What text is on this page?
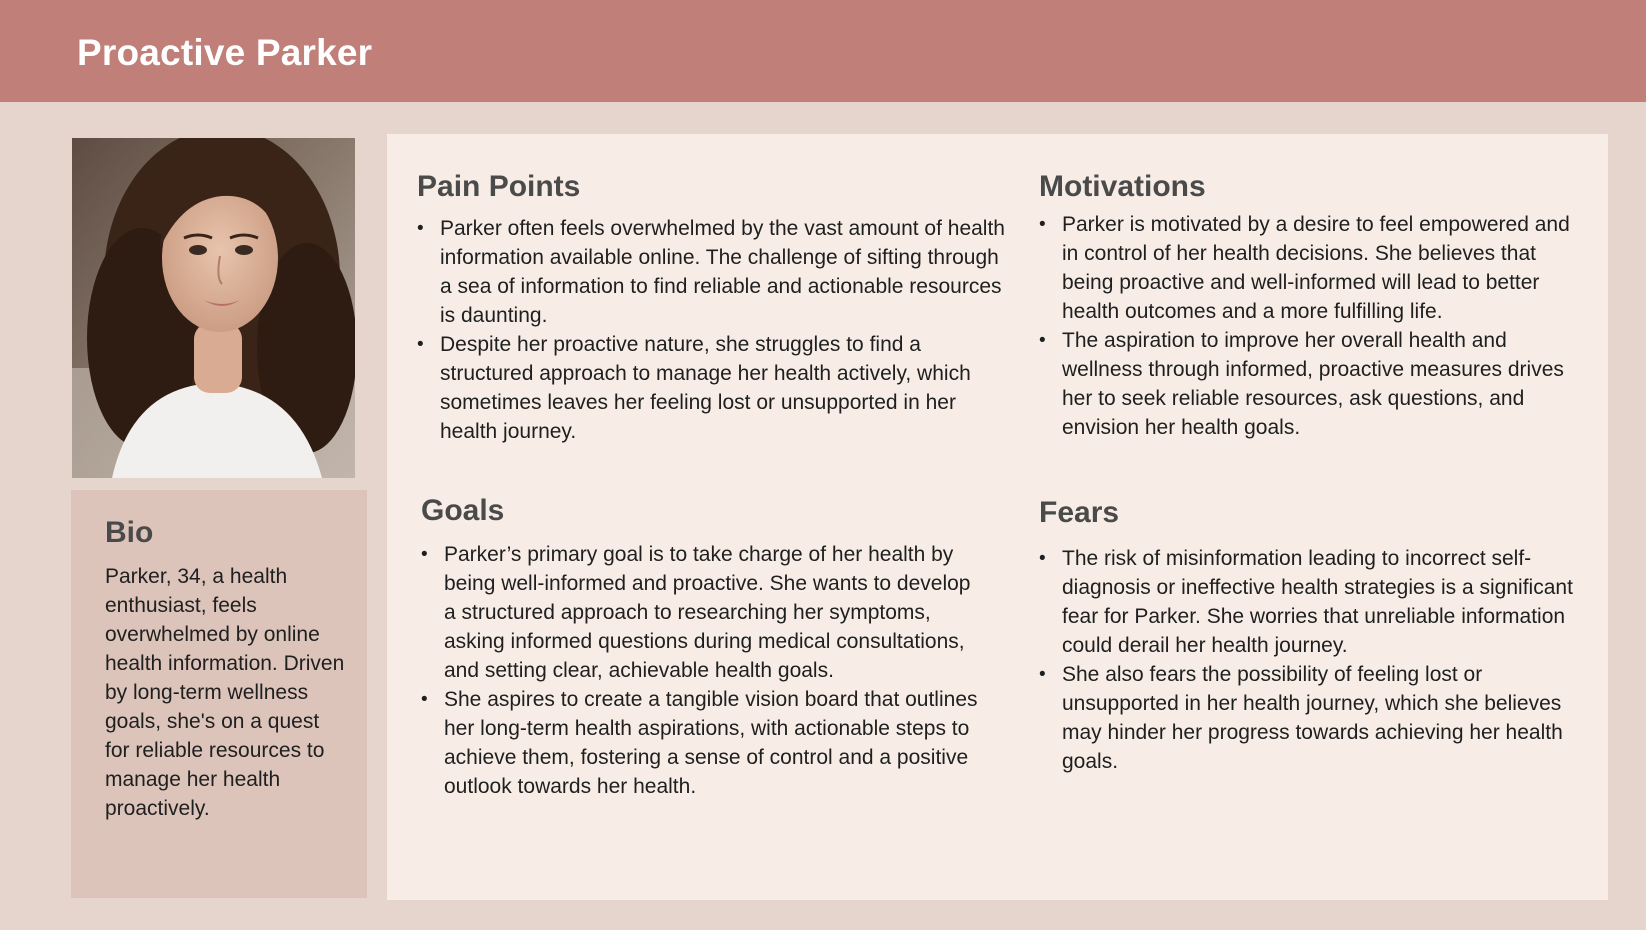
Proactive Parker
Bio

Parker, 34, a health enthusiast, feels overwhelmed by online health information. Driven by long-term wellness goals, she's on a quest for reliable resources to manage her health proactively.

Pain Points
• Parker often feels overwhelmed by the vast amount of health information available online. The challenge of sifting through a sea of information to find reliable and actionable resources is daunting.
• Despite her proactive nature, she struggles to find a structured approach to manage her health actively, which sometimes leaves her feeling lost or unsupported in her health journey.
Motivations
• Parker is motivated by a desire to feel empowered and in control of her health decisions. She believes that being proactive and well-informed will lead to better health outcomes and a more fulfilling life.
• The aspiration to improve her overall health and wellness through informed, proactive measures drives her to seek reliable resources, ask questions, and envision her health goals.
Goals
• Parker’s primary goal is to take charge of her health by being well-informed and proactive. She wants to develop a structured approach to researching her symptoms, asking informed questions during medical consultations, and setting clear, achievable health goals.
• She aspires to create a tangible vision board that outlines her long-term health aspirations, with actionable steps to achieve them, fostering a sense of control and a positive outlook towards her health.
Fears
• The risk of misinformation leading to incorrect self-diagnosis or ineffective health strategies is a significant fear for Parker. She worries that unreliable information could derail her health journey.
• She also fears the possibility of feeling lost or unsupported in her health journey, which she believes may hinder her progress towards achieving her health goals.
